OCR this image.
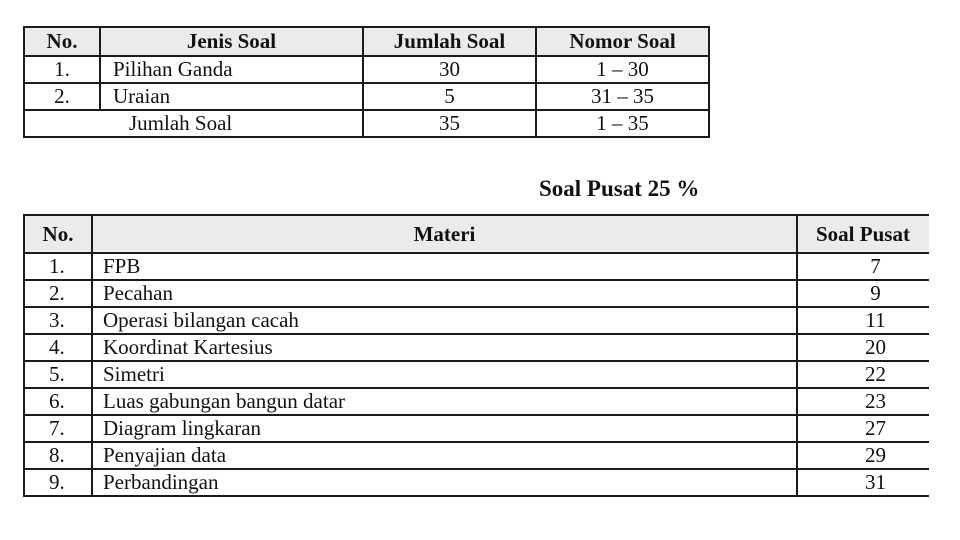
No.	Jenis Soal	Jumlah Soal	Nomor Soal
1.	Pilihan Ganda	30	1 – 30
2.	Uraian	5	31 – 35
Jumlah Soal		35	1 – 35
Soal Pusat 25 %
No.	Materi	Soal Pusat
1.	FPB	7
2.	Pecahan	9
3.	Operasi bilangan cacah	11
4.	Koordinat Kartesius	20
5.	Simetri	22
6.	Luas gabungan bangun datar	23
7.	Diagram lingkaran	27
8.	Penyajian data	29
9.	Perbandingan	31
